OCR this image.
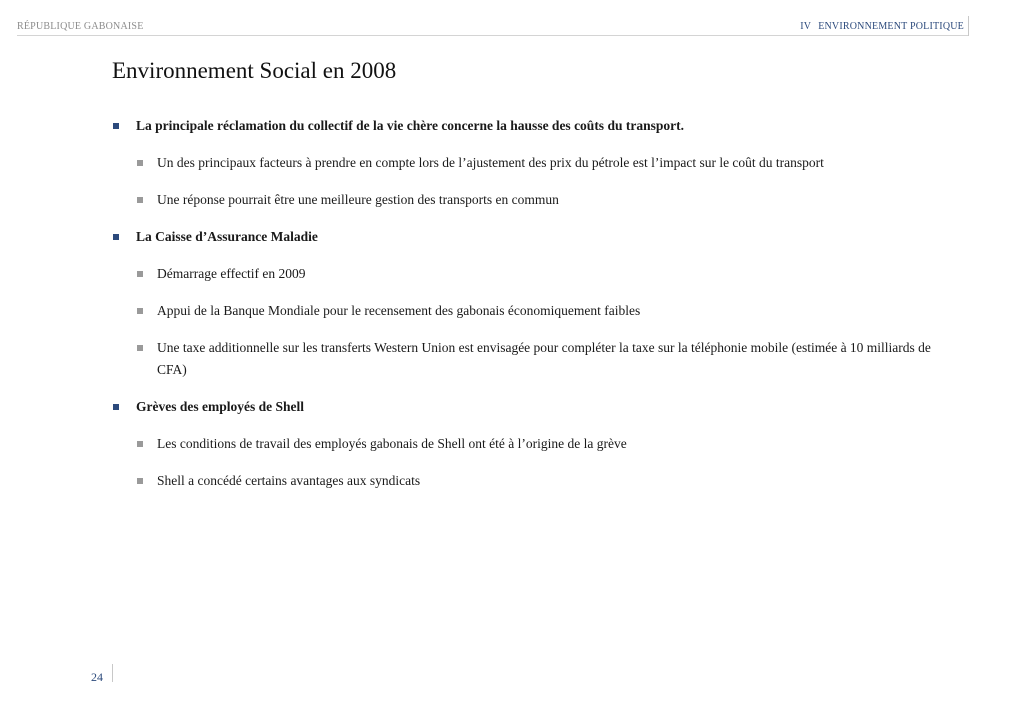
RÉPUBLIQUE GABONAISE	IV ENVIRONNEMENT POLITIQUE
Environnement Social en 2008
La principale réclamation du collectif de la vie chère concerne la hausse des coûts du transport.
Un des principaux facteurs à prendre en compte lors de l’ajustement des prix du pétrole est l’impact sur le coût du transport
Une réponse pourrait être une meilleure gestion des transports en commun
La Caisse d’Assurance Maladie
Démarrage effectif en 2009
Appui de la Banque Mondiale pour le recensement des gabonais économiquement faibles
Une taxe additionnelle sur les transferts Western Union est envisagée pour compléter la taxe sur la téléphonie mobile (estimée à 10 milliards de CFA)
Grèves des employés de Shell
Les conditions de travail des employés gabonais de Shell ont été à l’origine de la grève
Shell a concédé certains avantages aux syndicats
24
